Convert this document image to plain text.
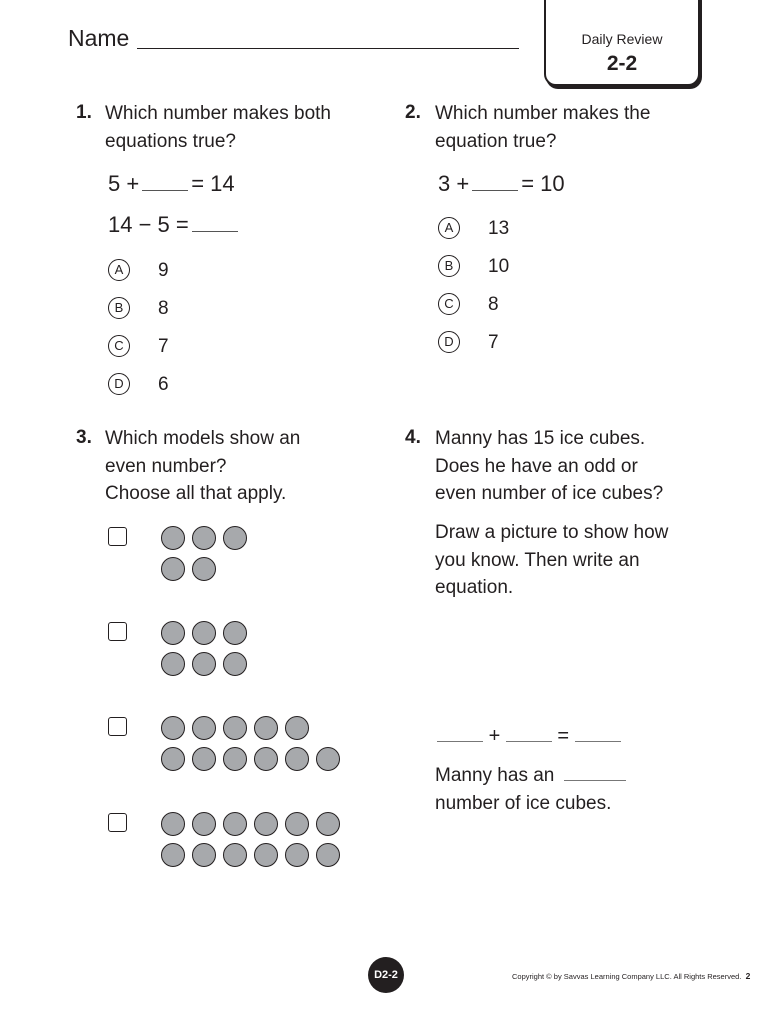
Name	Daily Review
2-2
1. Which number makes both
equations true?
5 + = 14
14 − 5 =
A	9
B	8
C	7
D	6
2. Which number makes the
equation true?
3 + = 10
A	13
B	10
C	8
D	7
3. Which models show an
even number?
Choose all that apply.
4. Manny has 15 ice cubes.
Does he have an odd or
even number of ice cubes?
Draw a picture to show how
you know. Then write an
equation.
+	=
Manny has an
number of ice cubes.
D2-2	Copyright © by Savvas Learning Company LLC. All Rights Reserved. 2
